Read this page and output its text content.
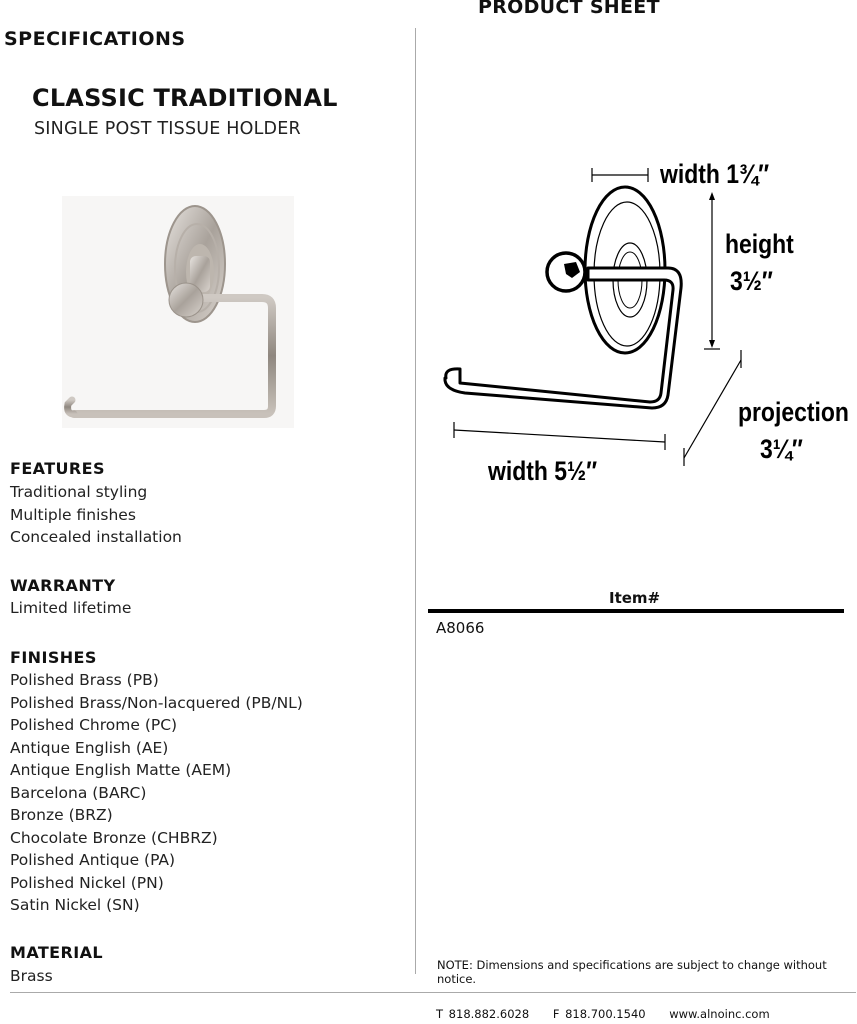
SPECIFICATIONS
PRODUCT SHEET
CLASSIC TRADITIONAL
SINGLE POST TISSUE HOLDER
FEATURES
Traditional styling
Multiple finishes
Concealed installation
WARRANTY
Limited lifetime
FINISHES
Polished Brass (PB)
Polished Brass/Non-lacquered (PB/NL)
Polished Chrome (PC)
Antique English (AE)
Antique English Matte (AEM)
Barcelona (BARC)
Bronze (BRZ)
Chocolate Bronze (CHBRZ)
Polished Antique (PA)
Polished Nickel (PN)
Satin Nickel (SN)
MATERIAL
Brass
width 1¾″
height
3½″
width 5½″
projection
3¼″
Item#
A8066
NOTE: Dimensions and specifications are subject to change without notice.
T 818.882.6028 F 818.700.1540 www.alnoinc.com
